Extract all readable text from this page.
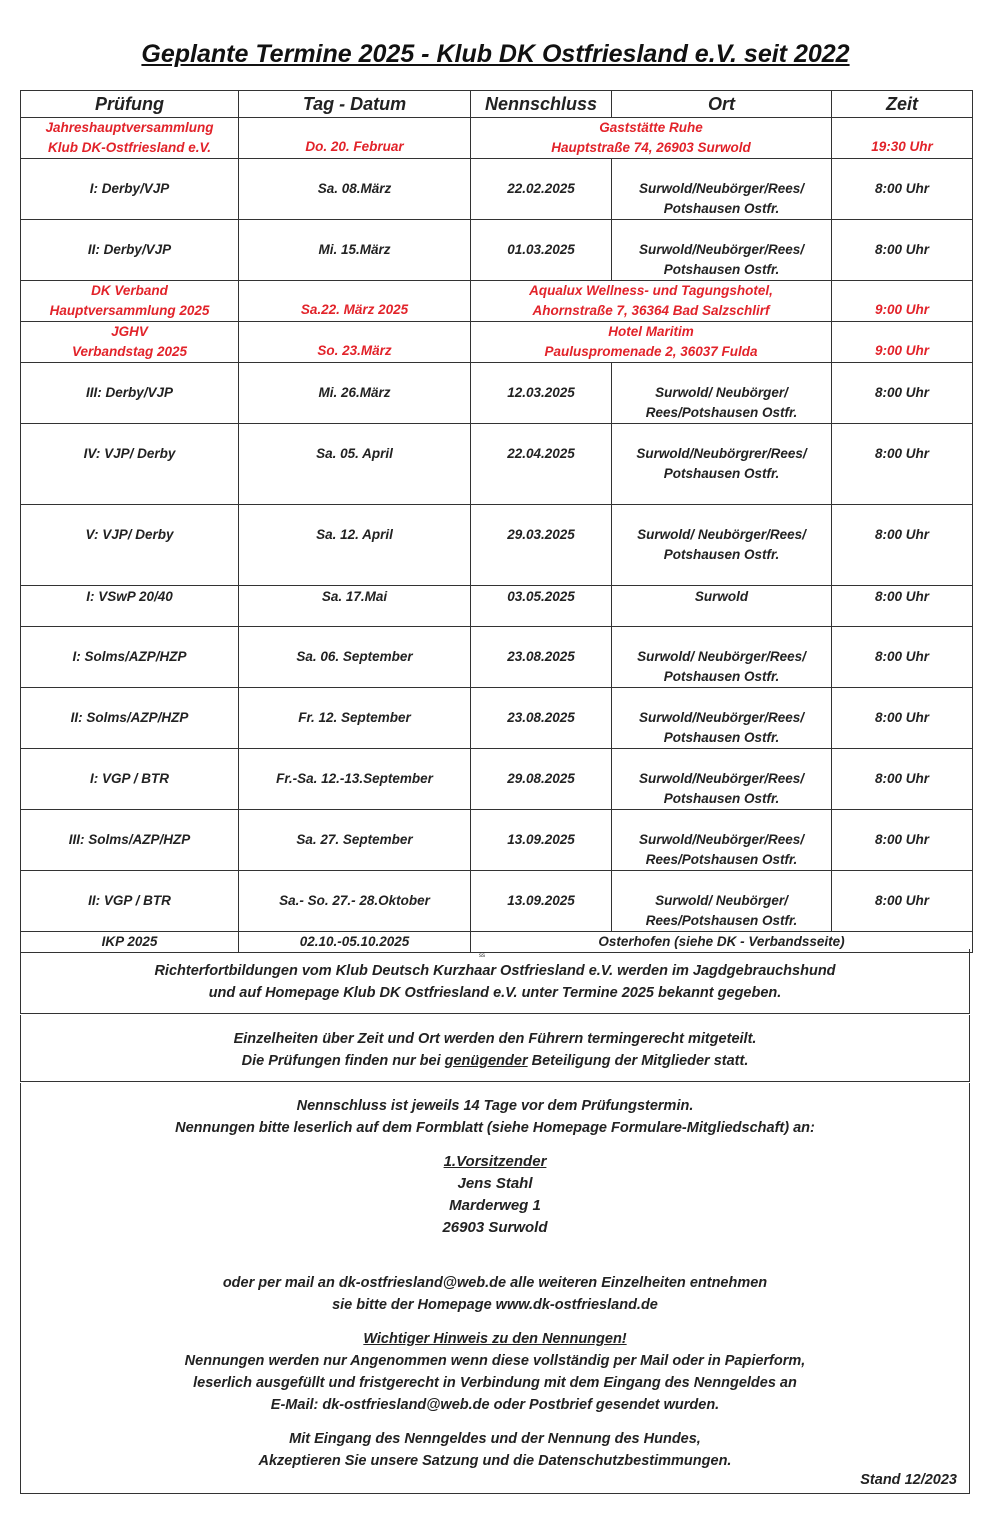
Geplante Termine 2025 - Klub DK Ostfriesland e.V. seit 2022
Prüfung	Tag - Datum	Nennschluss	Ort	Zeit

Jahreshauptversammlung
Klub DK-Ostfriesland e.V.	Do. 20. Februar	Gaststätte Ruhe
Hauptstraße 74, 26903 Surwold		19:30 Uhr
I: Derby/VJP	Sa. 08.März	22.02.2025	Surwold/Neubörger/Rees/
Potshausen Ostfr.	8:00 Uhr
II: Derby/VJP	Mi. 15.März	01.03.2025	Surwold/Neubörger/Rees/
Potshausen Ostfr.	8:00 Uhr

DK Verband
Hauptversammlung 2025	Sa.22. März 2025	Aqualux Wellness- und Tagungshotel,
Ahornstraße 7, 36364 Bad Salzschlirf		9:00 Uhr

JGHV
Verbandstag 2025	So. 23.März	Hotel Maritim
Pauluspromenade 2, 36037 Fulda		9:00 Uhr
III: Derby/VJP	Mi. 26.März	12.03.2025	Surwold/ Neubörger/
Rees/Potshausen Ostfr.	8:00 Uhr
IV: VJP/ Derby	Sa. 05. April	22.04.2025	Surwold/Neubörgrer/Rees/
Potshausen Ostfr.	8:00 Uhr
V: VJP/ Derby	Sa. 12. April	29.03.2025	Surwold/ Neubörger/Rees/
Potshausen Ostfr.	8:00 Uhr
I: VSwP 20/40	Sa. 17.Mai	03.05.2025	Surwold	8:00 Uhr
I: Solms/AZP/HZP	Sa. 06. September	23.08.2025	Surwold/ Neubörger/Rees/
Potshausen Ostfr.	8:00 Uhr
II: Solms/AZP/HZP	Fr. 12. September	23.08.2025	Surwold/Neubörger/Rees/
Potshausen Ostfr.	8:00 Uhr
I: VGP / BTR	Fr.-Sa. 12.-13.September	29.08.2025	Surwold/Neubörger/Rees/
Potshausen Ostfr.	8:00 Uhr
III: Solms/AZP/HZP	Sa. 27. September	13.09.2025	Surwold/Neubörger/Rees/
Rees/Potshausen Ostfr.	8:00 Uhr
II: VGP / BTR	Sa.- So. 27.- 28.Oktober	13.09.2025	Surwold/ Neubörger/
Rees/Potshausen Ostfr.	8:00 Uhr
IKP 2025	02.10.-05.10.2025	Osterhofen (siehe DK - Verbandsseite)		
ss
Richterfortbildungen vom Klub Deutsch Kurzhaar Ostfriesland e.V. werden im Jagdgebrauchshund
und auf Homepage Klub DK Ostfriesland e.V. unter Termine 2025 bekannt gegeben.
Einzelheiten über Zeit und Ort werden den Führern termingerecht mitgeteilt.
Die Prüfungen finden nur bei genügender Beteiligung der Mitglieder statt.
Nennschluss ist jeweils 14 Tage vor dem Prüfungstermin.
Nennungen bitte leserlich auf dem Formblatt (siehe Homepage Formulare-Mitgliedschaft) an:
1.Vorsitzender
Jens Stahl
Marderweg 1
26903 Surwold
oder per mail an dk-ostfriesland@web.de alle weiteren Einzelheiten entnehmen
sie bitte der Homepage www.dk-ostfriesland.de
Wichtiger Hinweis zu den Nennungen!
Nennungen werden nur Angenommen wenn diese vollständig per Mail oder in Papierform,
leserlich ausgefüllt und fristgerecht in Verbindung mit dem Eingang des Nenngeldes an
E-Mail: dk-ostfriesland@web.de oder Postbrief gesendet wurden.
Mit Eingang des Nenngeldes und der Nennung des Hundes,
Akzeptieren Sie unsere Satzung und die Datenschutzbestimmungen.
Stand 12/2023
